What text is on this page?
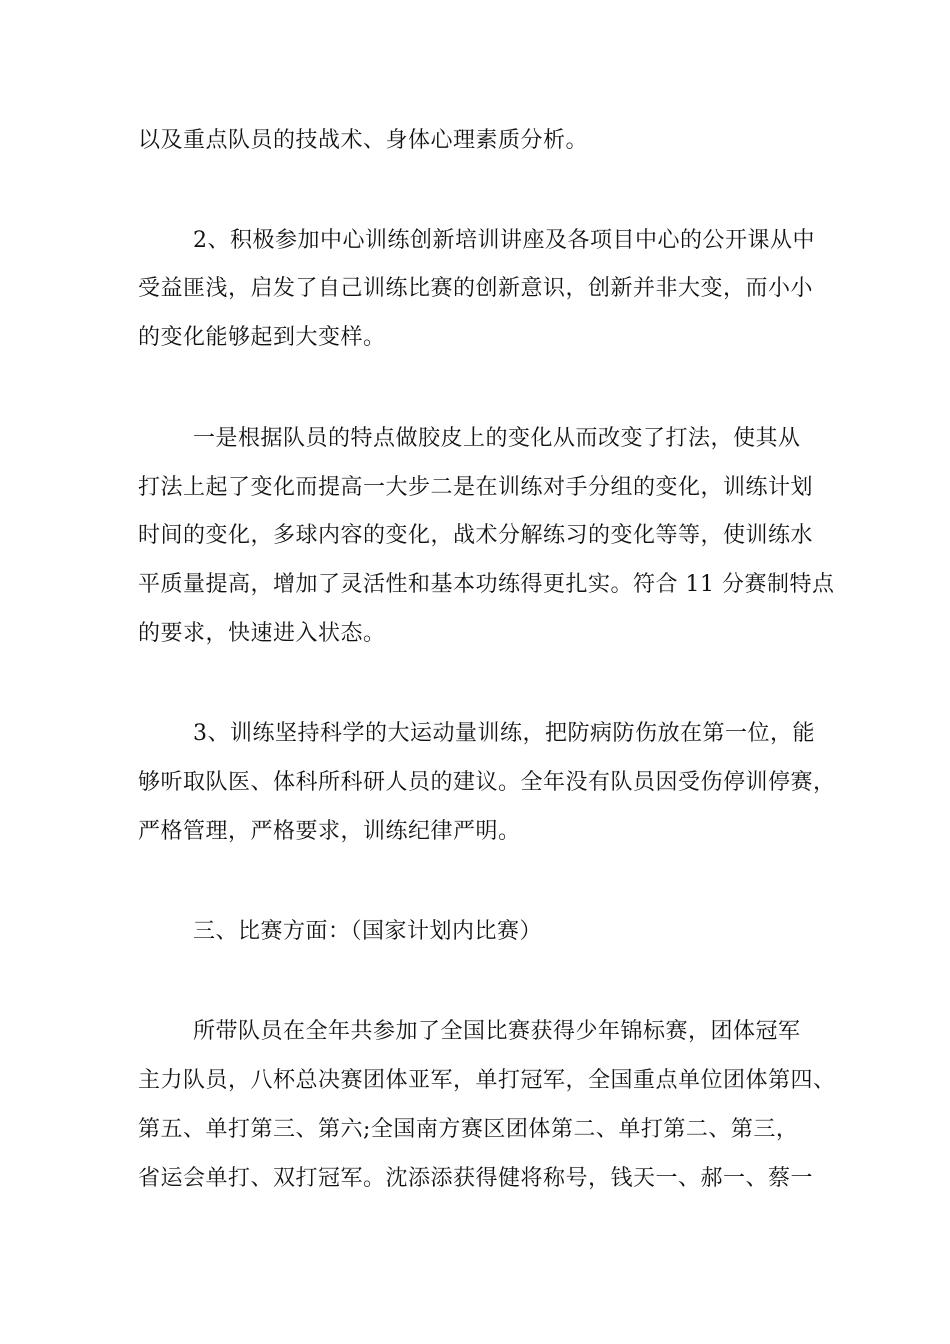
以及重点队员的技战术、身体心理素质分析。
2、积极参加中心训练创新培训讲座及各项目中心的公开课从中
受益匪浅，启发了自己训练比赛的创新意识，创新并非大变，而小小
的变化能够起到大变样。
一是根据队员的特点做胶皮上的变化从而改变了打法，使其从
打法上起了变化而提高一大步二是在训练对手分组的变化，训练计划
时间的变化，多球内容的变化，战术分解练习的变化等等，使训练水
平质量提高，增加了灵活性和基本功练得更扎实。符合 11 分赛制特点
的要求，快速进入状态。
3、训练坚持科学的大运动量训练，把防病防伤放在第一位，能
够听取队医、体科所科研人员的建议。全年没有队员因受伤停训停赛，
严格管理，严格要求，训练纪律严明。
三、比赛方面：（国家计划内比赛）
所带队员在全年共参加了全国比赛获得少年锦标赛，团体冠军
主力队员，八杯总决赛团体亚军，单打冠军，全国重点单位团体第四、
第五、单打第三、第六;全国南方赛区团体第二、单打第二、第三，
省运会单打、双打冠军。沈添添获得健将称号，钱天一、郝一、蔡一
